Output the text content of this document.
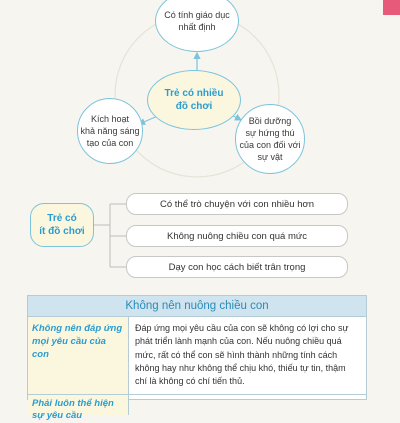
Có tính giáo dục
nhất định
Trẻ có nhiều
đồ chơi
Kích hoạt
khả năng sáng
tạo của con
Bồi dưỡng
sự hứng thú
của con đối với
sự vật
Trẻ có
ít đồ chơi
Có thể trò chuyện với con nhiều hơn
Không nuông chiều con quá mức
Dạy con học cách biết trân trọng
Không nên nuông chiều con
Không nên đáp ứng mọi yêu cầu của con
Đáp ứng mọi yêu cầu của con sẽ không có lợi cho sự phát triển lành mạnh của con. Nếu nuông chiều quá mức, rất có thể con sẽ hình thành những tính cách không hay như không thể chịu khó, thiếu tự tin, thậm chí là không có chí tiến thủ.
Phải luôn thể hiện sự yêu cầu
